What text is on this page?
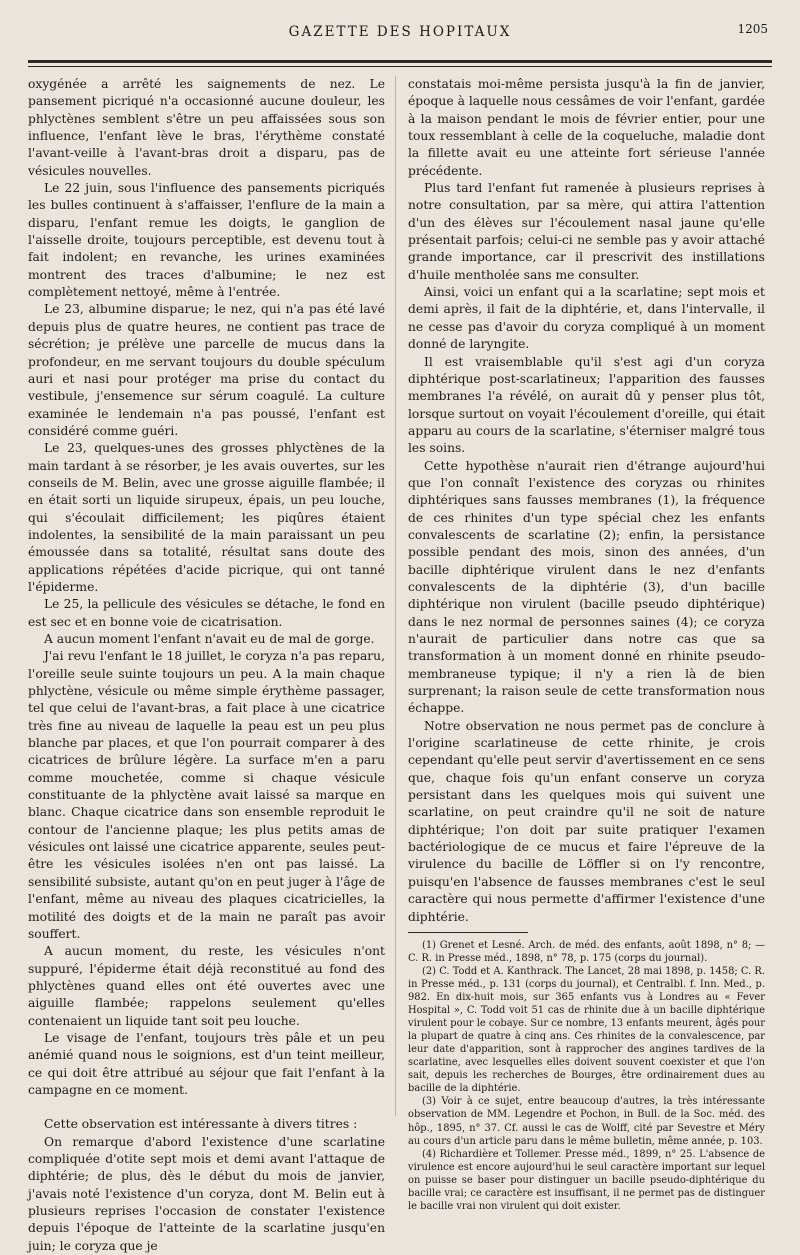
GAZETTE DES HOPITAUX	1205

oxygénée a arrêté les saignements de nez. Le pansement picriqué n'a occasionné aucune douleur, les phlyctènes semblent s'être un peu affaissées sous son influence, l'enfant lève le bras, l'érythème constaté l'avant-veille à l'avant-bras droit a disparu, pas de vésicules nouvelles.

Le 22 juin, sous l'influence des pansements picriqués les bulles continuent à s'affaisser, l'enflure de la main a disparu, l'enfant remue les doigts, le ganglion de l'aisselle droite, toujours perceptible, est devenu tout à fait indolent; en revanche, les urines examinées montrent des traces d'albumine; le nez est complètement nettoyé, même à l'entrée.

Le 23, albumine disparue; le nez, qui n'a pas été lavé depuis plus de quatre heures, ne contient pas trace de sécrétion; je prélève une parcelle de mucus dans la profondeur, en me servant toujours du double spéculum auri et nasi pour protéger ma prise du contact du vestibule, j'ensemence sur sérum coagulé. La culture examinée le lendemain n'a pas poussé, l'enfant est considéré comme guéri.

Le 23, quelques-unes des grosses phlyctènes de la main tardant à se résorber, je les avais ouvertes, sur les conseils de M. Belin, avec une grosse aiguille flambée; il en était sorti un liquide sirupeux, épais, un peu louche, qui s'écoulait difficilement; les piqûres étaient indolentes, la sensibilité de la main paraissant un peu émoussée dans sa totalité, résultat sans doute des applications répétées d'acide picrique, qui ont tanné l'épiderme.

Le 25, la pellicule des vésicules se détache, le fond en est sec et en bonne voie de cicatrisation.

A aucun moment l'enfant n'avait eu de mal de gorge.

J'ai revu l'enfant le 18 juillet, le coryza n'a pas reparu, l'oreille seule suinte toujours un peu. A la main chaque phlyctène, vésicule ou même simple érythème passager, tel que celui de l'avant-bras, a fait place à une cicatrice très fine au niveau de laquelle la peau est un peu plus blanche par places, et que l'on pourrait comparer à des cicatrices de brûlure légère. La surface m'en a paru comme mouchetée, comme si chaque vésicule constituante de la phlyctène avait laissé sa marque en blanc. Chaque cicatrice dans son ensemble reproduit le contour de l'ancienne plaque; les plus petits amas de vésicules ont laissé une cicatrice apparente, seules peut-être les vésicules isolées n'en ont pas laissé. La sensibilité subsiste, autant qu'on en peut juger à l'âge de l'enfant, même au niveau des plaques cicatricielles, la motilité des doigts et de la main ne paraît pas avoir souffert.

A aucun moment, du reste, les vésicules n'ont suppuré, l'épiderme était déjà reconstitué au fond des phlyctènes quand elles ont été ouvertes avec une aiguille flambée; rappelons seulement qu'elles contenaient un liquide tant soit peu louche.

Le visage de l'enfant, toujours très pâle et un peu anémié quand nous le soignions, est d'un teint meilleur, ce qui doit être attribué au séjour que fait l'enfant à la campagne en ce moment.

Cette observation est intéressante à divers titres :

On remarque d'abord l'existence d'une scarlatine compliquée d'otite sept mois et demi avant l'attaque de diphtérie; de plus, dès le début du mois de janvier, j'avais noté l'existence d'un coryza, dont M. Belin eut à plusieurs reprises l'occasion de constater l'existence depuis l'époque de l'atteinte de la scarlatine jusqu'en juin; le coryza que je

constatais moi-même persista jusqu'à la fin de janvier, époque à laquelle nous cessâmes de voir l'enfant, gardée à la maison pendant le mois de février entier, pour une toux ressemblant à celle de la coqueluche, maladie dont la fillette avait eu une atteinte fort sérieuse l'année précédente.

Plus tard l'enfant fut ramenée à plusieurs reprises à notre consultation, par sa mère, qui attira l'attention d'un des élèves sur l'écoulement nasal jaune qu'elle présentait parfois; celui-ci ne semble pas y avoir attaché grande importance, car il prescrivit des instillations d'huile mentholée sans me consulter.

Ainsi, voici un enfant qui a la scarlatine; sept mois et demi après, il fait de la diphtérie, et, dans l'intervalle, il ne cesse pas d'avoir du coryza compliqué à un moment donné de laryngite.

Il est vraisemblable qu'il s'est agi d'un coryza diphtérique post-scarlatineux; l'apparition des fausses membranes l'a révélé, on aurait dû y penser plus tôt, lorsque surtout on voyait l'écoulement d'oreille, qui était apparu au cours de la scarlatine, s'éterniser malgré tous les soins.

Cette hypothèse n'aurait rien d'étrange aujourd'hui que l'on connaît l'existence des coryzas ou rhinites diphtériques sans fausses membranes (1), la fréquence de ces rhinites d'un type spécial chez les enfants convalescents de scarlatine (2); enfin, la persistance possible pendant des mois, sinon des années, d'un bacille diphtérique virulent dans le nez d'enfants convalescents de la diphtérie (3), d'un bacille diphtérique non virulent (bacille pseudo diphtérique) dans le nez normal de personnes saines (4); ce coryza n'aurait de particulier dans notre cas que sa transformation à un moment donné en rhinite pseudo-membraneuse typique; il n'y a rien là de bien surprenant; la raison seule de cette transformation nous échappe.

Notre observation ne nous permet pas de conclure à l'origine scarlatineuse de cette rhinite, je crois cependant qu'elle peut servir d'avertissement en ce sens que, chaque fois qu'un enfant conserve un coryza persistant dans les quelques mois qui suivent une scarlatine, on peut craindre qu'il ne soit de nature diphtérique; l'on doit par suite pratiquer l'examen bactériologique de ce mucus et faire l'épreuve de la virulence du bacille de Löffler si on l'y rencontre, puisqu'en l'absence de fausses membranes c'est le seul caractère qui nous permette d'affirmer l'existence d'une diphtérie.

(1) Grenet et Lesné. Arch. de méd. des enfants, août 1898, n° 8; — C. R. in Presse méd., 1898, n° 78, p. 175 (corps du journal).

(2) C. Todd et A. Kanthrack. The Lancet, 28 mai 1898, p. 1458; C. R. in Presse méd., p. 131 (corps du journal), et Centralbl. f. Inn. Med., p. 982. En dix-huit mois, sur 365 enfants vus à Londres au « Fever Hospital », C. Todd voit 51 cas de rhinite due à un bacille diphtérique virulent pour le cobaye. Sur ce nombre, 13 enfants meurent, âgés pour la plupart de quatre à cinq ans. Ces rhinites de la convalescence, par leur date d'apparition, sont à rapprocher des angines tardives de la scarlatine, avec lesquelles elles doivent souvent coexister et que l'on sait, depuis les recherches de Bourges, être ordinairement dues au bacille de la diphtérie.

(3) Voir à ce sujet, entre beaucoup d'autres, la très intéressante observation de MM. Legendre et Pochon, in Bull. de la Soc. méd. des hôp., 1895, n° 37. Cf. aussi le cas de Wolff, cité par Sevestre et Méry au cours d'un article paru dans le même bulletin, même année, p. 103.

(4) Richardière et Tollemer. Presse méd., 1899, n° 25. L'absence de virulence est encore aujourd'hui le seul caractère important sur lequel on puisse se baser pour distinguer un bacille pseudo-diphtérique du bacille vrai; ce caractère est insuffisant, il ne permet pas de distinguer le bacille vrai non virulent qui doit exister.
